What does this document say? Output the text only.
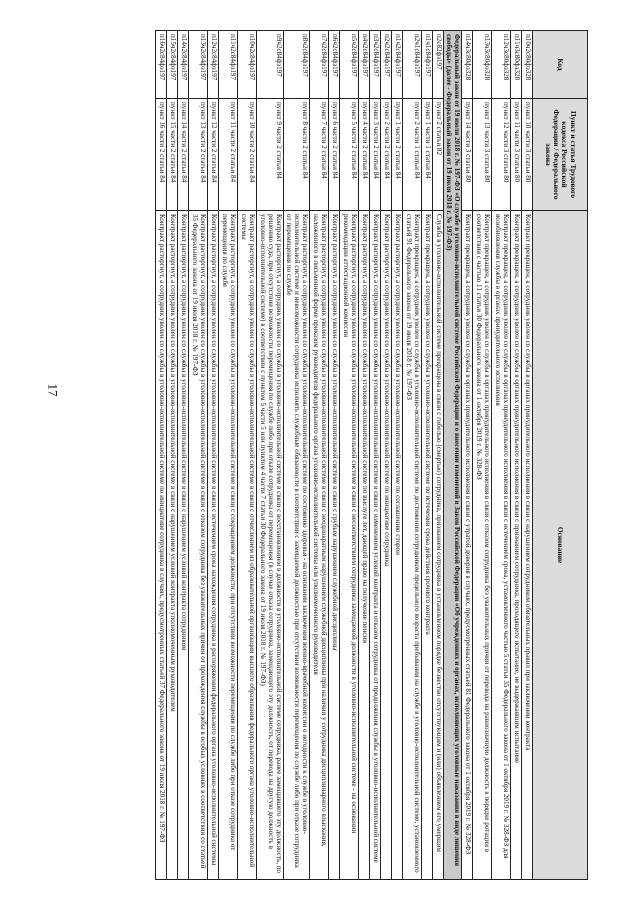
17
Код	Пункт и статья Трудового кодекса Российской Федерации / Федерального закона	Основание
п10ч2с80фз328	пункт 10 части 3 статьи 80	Контракт прекращен, а сотрудник уволен со службы в органах принудительного исполнения в связи с нарушением сотрудником обязательных правил при заключении контракта
п11ч3с80фз328	пункт 11 части 3 статьи 80	Контракт прекращен, а сотрудник уволен со службы в органах принудительного исполнения в связи с признанием сотрудника, проходящего испытание, не выдержавшим испытание
п12ч3с80фз328	пункт 12 части 3 статьи 80	Контракт прекращен, а сотрудник уволен со службы в органах принудительного исполнения в связи с истечением срока, установленного частью 5 статьи 35 Федерального закона от 1 октября 2019 г. № 328-ФЗ для возобновления службы в органах принудительного исполнения
п13ч3с80фз328	пункт 13 части 3 статьи 80	Контракт прекращен, а сотрудник уволен со службы в органах принудительного исполнения в связи с отказом сотрудника без уважительных причин от перевода на равнозначную должность в порядке ротации в соответствии с частью 11 статьи 30 Федерального закона от 1 октября 2019 г. № 328-ФЗ
п14ч3с80фз328	пункт 14 части 3 статьи 80	Контракт прекращен, а сотрудник уволен со службы в органах принудительного исполнения в связи с утратой доверия в случаях, предусмотренных статьей 81 Федерального закона от 1 октября 2019 г. № 328-ФЗ
Федеральный закон от 19 июля 2018 г. № 197-ФЗ «О службе в уголовно-исполнительной системе Российской Федерации и о внесении изменений в Закон Российской Федерации «Об учреждениях и органах, исполняющих уголовные наказания в виде лишения свободы» (далее - Федеральный закон от 19 июля 2018 г. № 197-ФЗ)		
п2с82фз197	пункт 2 статьи 82	Служба в уголовно-исполнительной системе прекращена в связи с гибелью (смертью) сотрудника, признанием сотрудника в установленном порядке безвестно отсутствующим и (или) объявлением его умершим
п1ч1с84фз197	пункт 1 части 1 статьи 84	Контракт прекращен, а сотрудник уволен со службы в уголовно-исполнительной системе по истечении срока действия срочного контракта
п2ч1с84фз197	пункт 2 части 1 статьи 84	Контракт прекращен, а сотрудник уволен со службы в уголовно-исполнительной системе по достижении сотрудником предельного возраста пребывания на службе в уголовно-исполнительной системе, установленного статьей 91 Федерального закона от 19 июля 2018 г. № 197-ФЗ
п1ч2с84фз197	пункт 1 части 2 статьи 84	Контракт расторгнут, а сотрудник уволен со службы в уголовно-исполнительной системе по соглашению сторон
п2ч2с84фз197	пункт 2 части 2 статьи 84	Контракт расторгнут, а сотрудник уволен со службы в уголовно-исполнительной системе по инициативе сотрудника
п3ч2с84фз197	пункт 3 части 2 статьи 84	Контракт расторгнут, а сотрудник уволен со службы в уголовно-исполнительной системе в связи с изменением условий контракта и отказом сотрудника от продолжения службы в уголовно-исполнительной системе
п4ч2с84фз197	пункт 4 части 2 статьи 84	Контракт расторгнут, а сотрудник уволен со службы в уголовно-исполнительной системе по выслуге лет, дающей право на получение пенсии
п5ч2с84фз197	пункт 5 части 2 статьи 84	Контракт расторгнут, а сотрудник уволен со службы в уголовно-исполнительной системе в связи с несоответствием сотрудника замещаемой должности в уголовно-исполнительной системе - на основании рекомендации аттестационной комиссии
п6ч2с84фз197	пункт 6 части 2 статьи 84	Контракт расторгнут, а сотрудник уволен со службы в уголовно-исполнительной системе в связи с грубым нарушением служебной дисциплины
п7ч2с84фз197	пункт 7 части 2 статьи 84	Контракт расторгнут, а сотрудник уволен со службы в уголовно-исполнительной системе в связи с неоднократным нарушением служебной дисциплины при наличии у сотрудника дисциплинарного взыскания, наложенного в письменной форме приказом руководителя федерального органа уголовно-исполнительной системы или уполномоченного руководителя
п8ч2с84фз197	пункт 8 части 2 статьи 84	Контракт расторгнут, а сотрудник уволен со службы в уголовно-исполнительной системе по состоянию здоровья - на основании заключения военно-врачебной комиссии о негодности к службе в уголовно-исполнительной системе и невозможности сотрудника исполнять служебные обязанности в соответствии с замещаемой должностью при отсутствии возможности перемещения по службе либо при отказе сотрудника от перемещения по службе
п9ч2с84фз197	пункт 9 части 2 статьи 84	Контракт расторгнут, а сотрудник уволен со службы в уголовно-исполнительной системе в связи с восстановлением в должности в уголовно-исполнительной системе сотрудника, ранее замещавшего эту должность, по решению суда, при отсутствии возможности перемещения по службе либо при отказе сотрудника от перемещения (в случае отказа сотрудника, замещающего эту должность, от перевода на другую должность в уголовно-исполнительной системе) в соответствии с пунктом 5 части 5 или пунктом 4 части 7 статьи 30 Федерального закона от 19 июля 2018 г. № 197-ФЗ)
п10ч2с84фз197	пункт 10 части 2 статьи 84	Контракт расторгнут, а сотрудник уволен со службы в уголовно-исполнительной системе в связи с отчислением из образовательной организации высшего образования федерального органа уголовно-исполнительной системы
п11ч2с84фз197	пункт 11 части 2 статьи 84	Контракт расторгнут, а сотрудник уволен со службы в уголовно-исполнительной системе в связи с сокращением должности, при отсутствии возможности перемещения по службе либо при отказе сотрудника от перемещения по службе
п12ч2с84фз197	пункт 12 части 2 статьи 84	Контракт расторгнут, а сотрудник уволен со службы в уголовно-исполнительной системе в связи с истечением срока нахождения сотрудника в распоряжении федерального органа уголовно-исполнительной системы
п13ч2с84фз197	пункт 13 части 2 статьи 84	Контракт расторгнут, а сотрудник уволен со службы в уголовно-исполнительной системе в связи с отказом сотрудника без уважительных причин от прохождения службы в особых условиях в соответствии со статьей 35 Федерального закона от 19 июля 2018 г. № 197-ФЗ
п14ч2с84фз197	пункт 14 части 2 статьи 84	Контракт расторгнут, а сотрудник уволен со службы в уголовно-исполнительной системе в связи с нарушением условий контракта сотрудником
п15ч2с84фз197	пункт 15 части 2 статьи 84	Контракт расторгнут, а сотрудник уволен со службы в уголовно-исполнительной системе в связи с нарушением условий контракта уполномоченным руководителем
п16ч2с84фз197	пункт 16 части 2 статьи 84	Контракт расторгнут, а сотрудник уволен со службы в уголовно-исполнительной системе по инициативе сотрудника в случаях, предусмотренных статьей 37 Федерального закона от 19 июля 2018 г. № 197-ФЗ
